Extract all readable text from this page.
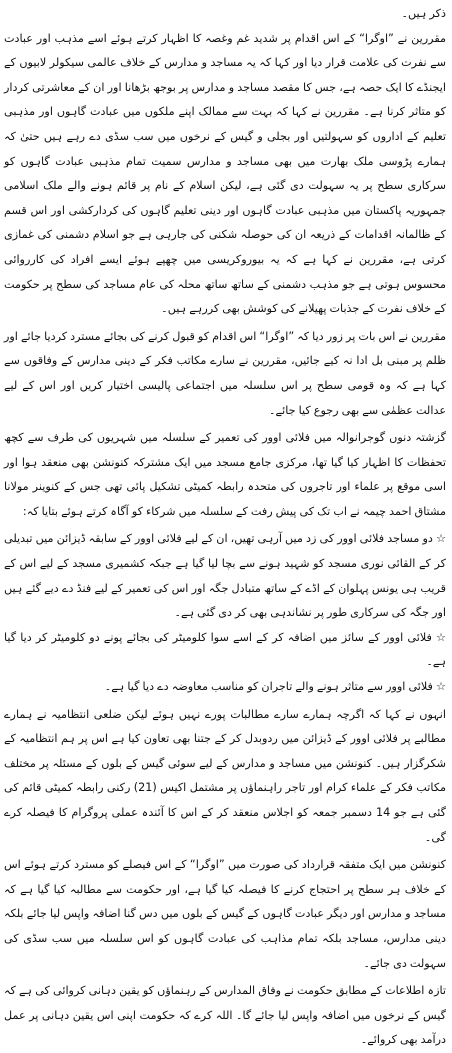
ذکر ہیں۔

مقررین نے ”اوگرا“ کے اس اقدام پر شدید غم وغصہ کا اظہار کرتے ہوئے اسے مذہب اور عبادت سے نفرت کی علامت قرار دیا اور کہا کہ یہ مساجد و مدارس کے خلاف عالمی سیکولر لابیوں کے ایجنڈے کا ایک حصہ ہے، جس کا مقصد مساجد و مدارس پر بوجھ بڑھانا اور ان کے معاشرتی کردار کو متاثر کرنا ہے۔ مقررین نے کہا کہ بہت سے ممالک اپنے ملکوں میں عبادت گاہوں اور مذہبی تعلیم کے اداروں کو سہولتیں اور بجلی و گیس کے نرخوں میں سب سڈی دے رہے ہیں حتیٰ کہ ہمارے پڑوسی ملک بھارت میں بھی مساجد و مدارس سمیت تمام مذہبی عبادت گاہوں کو سرکاری سطح پر یہ سہولت دی گئی ہے، لیکن اسلام کے نام پر قائم ہونے والے ملک اسلامی جمہوریہ پاکستان میں مذہبی عبادت گاہوں اور دینی تعلیم گاہوں کی کردارکشی اور اس قسم کے ظالمانہ اقدامات کے ذریعہ ان کی حوصلہ شکنی کی جارہی ہے جو اسلام دشمنی کی غمازی کرتی ہے، مقررین نے کہا ہے کہ یہ بیوروکریسی میں چھپے ہوئے ایسے افراد کی کارروائی محسوس ہوتی ہے جو مذہب دشمنی کے ساتھ ساتھ محلہ کی عام مساجد کی سطح پر حکومت کے خلاف نفرت کے جذبات پھیلانے کی کوشش بھی کررہے ہیں۔

مقررین نے اس بات پر زور دیا کہ ”اوگرا“ اس اقدام کو قبول کرنے کی بجائے مسترد کردیا جائے اور ظلم پر مبنی بل ادا نہ کیے جائیں، مقررین نے سارے مکاتب فکر کے دینی مدارس کے وفاقوں سے کہا ہے کہ وہ قومی سطح پر اس سلسلہ میں اجتماعی پالیسی اختیار کریں اور اس کے لیے عدالت عظمٰی سے بھی رجوع کیا جائے۔

گزشتہ دنوں گوجرانوالہ میں فلائی اوور کی تعمیر کے سلسلہ میں شہریوں کی طرف سے کچھ تحفظات کا اظہار کیا گیا تھا، مرکزی جامع مسجد میں ایک مشترکہ کنونشن بھی منعقد ہوا اور اسی موقع پر علماء اور تاجروں کی متحدہ رابطہ کمیٹی تشکیل پائی تھی جس کے کنوینر مولانا مشتاق احمد چیمہ نے اب تک کی پیش رفت کے سلسلہ میں شرکاء کو آگاہ کرتے ہوئے بتایا کہ:

☆ دو مساجد فلائی اوور کی زد میں آرہی تھیں، ان کے لیے فلائی اوور کے سابقہ ڈیزائن میں تبدیلی کر کے القائی نوری مسجد کو شہید ہونے سے بچا لیا گیا ہے جبکہ کشمیری مسجد کے لیے اس کے قریب ہی یونس پہلوان کے اڈے کے ساتھ متبادل جگہ اور اس کی تعمیر کے لیے فنڈ دے دیے گئے ہیں اور جگہ کی سرکاری طور پر نشاندہی بھی کر دی گئی ہے۔

☆ فلائی اوور کے سائز میں اضافہ کر کے اسے سوا کلومیٹر کی بجائے پونے دو کلومیٹر کر دیا گیا ہے۔

☆ فلائی اوور سے متاثر ہونے والے تاجران کو مناسب معاوضہ دے دیا گیا ہے۔

انہوں نے کہا کہ اگرچہ ہمارے سارے مطالبات پورے نہیں ہوئے لیکن ضلعی انتظامیہ نے ہمارے مطالبے پر فلائی اوور کے ڈیزائن میں ردوبدل کر کے جتنا بھی تعاون کیا ہے اس پر ہم انتظامیہ کے شکرگزار ہیں۔ کنونشن میں مساجد و مدارس کے لیے سوئی گیس کے بلوں کے مسئلہ پر مختلف مکاتب فکر کے علماء کرام اور تاجر راہنماؤں پر مشتمل اکیس (21) رکنی رابطہ کمیٹی قائم کی گئی ہے جو 14 دسمبر جمعہ کو اجلاس منعقد کر کے اس کا آئندہ عملی پروگرام کا فیصلہ کرے گی۔

کنونشن میں ایک متفقہ قرارداد کی صورت میں ”اوگرا“ کے اس فیصلے کو مسترد کرتے ہوئے اس کے خلاف ہر سطح پر احتجاج کرنے کا فیصلہ کیا گیا ہے، اور حکومت سے مطالبہ کیا گیا ہے کہ مساجد و مدارس اور دیگر عبادت گاہوں کے گیس کے بلوں میں دس گنا اضافہ واپس لیا جائے بلکہ دینی مدارس، مساجد بلکہ تمام مذاہب کی عبادت گاہوں کو اس سلسلہ میں سب سڈی کی سہولت دی جائے۔

تازہ اطلاعات کے مطابق حکومت نے وفاق المدارس کے رہنماؤں کو یقین دہانی کروائی کی ہے کہ گیس کے نرخوں میں اضافہ واپس لیا جائے گا۔ اللہ کرے کہ حکومت اپنی اس یقین دہانی پر عمل درآمد بھی کروائے۔
